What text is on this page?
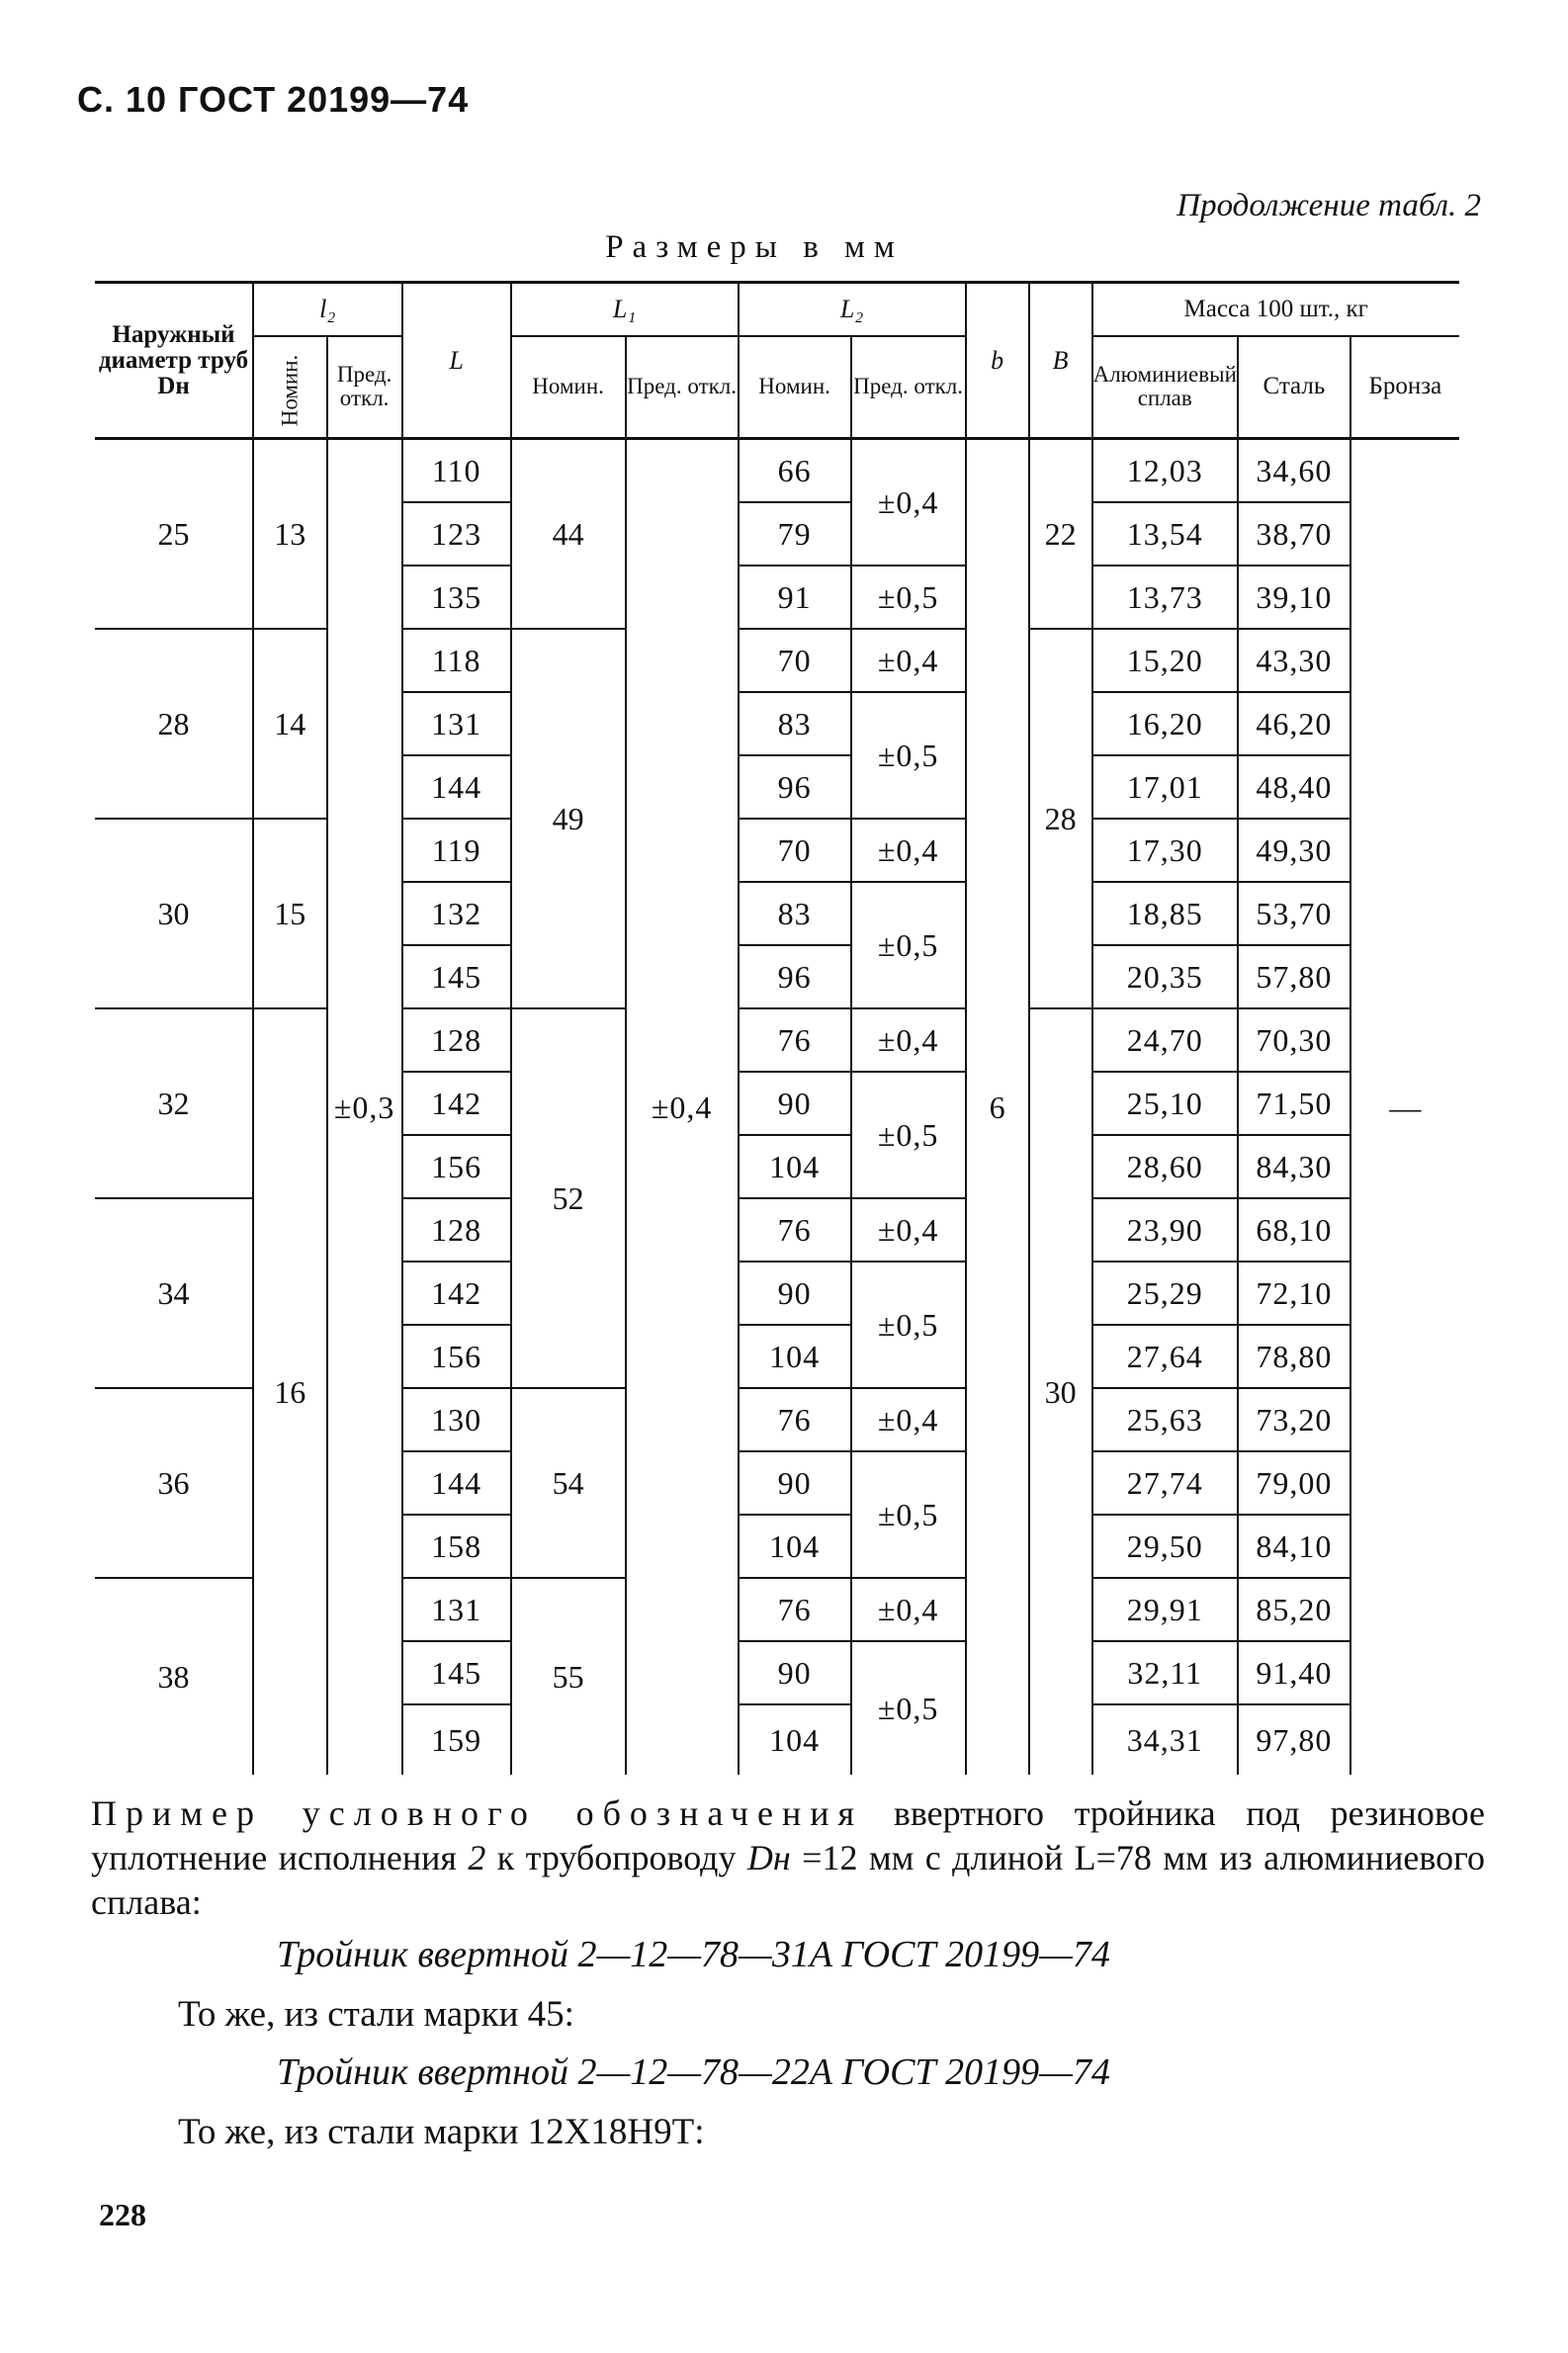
С. 10 ГОСТ 20199—74
Продолжение табл. 2
Размеры в мм
Наружный диаметр труб Dн	l₂		L	L₁		L₂		b	B	Масса 100 шт., кг		
	Номин.	Пред. откл.		Номин.	Пред. откл.	Номин.	Пред. откл.			Алюминиевый сплав	Сталь	Бронза
25	13	±0,3	110	44	±0,4	66	±0,4	6	22	12,03	34,60	—
			123			79				13,54	38,70	
			135			91	±0,5			13,73	39,10	
28	14		118	49		70	±0,4		28	15,20	43,30	
			131			83	±0,5			16,20	46,20	
			144			96				17,01	48,40	
30	15		119			70	±0,4			17,30	49,30	
			132			83	±0,5			18,85	53,70	
			145			96				20,35	57,80	
32	16		128	52		76	±0,4		30	24,70	70,30	
			142			90	±0,5			25,10	71,50	
			156			104				28,60	84,30	
34			128			76	±0,4			23,90	68,10	
			142			90	±0,5			25,29	72,10	
			156			104				27,64	78,80	
36			130	54		76	±0,4			25,63	73,20	
			144			90	±0,5			27,74	79,00	
			158			104				29,50	84,10	
38			131	55		76	±0,4			29,91	85,20	
			145			90	±0,5			32,11	91,40	
			159			104				34,31	97,80	
Пример условного обозначения ввертного тройника под резиновое уплотнение исполнения 2 к трубопроводу Dн =12 мм с длиной L=78 мм из алюминиевого сплава:
Тройник ввертной 2—12—78—31А ГОСТ 20199—74
То же, из стали марки 45:
Тройник ввертной 2—12—78—22А ГОСТ 20199—74
То же, из стали марки 12Х18Н9Т:
228
